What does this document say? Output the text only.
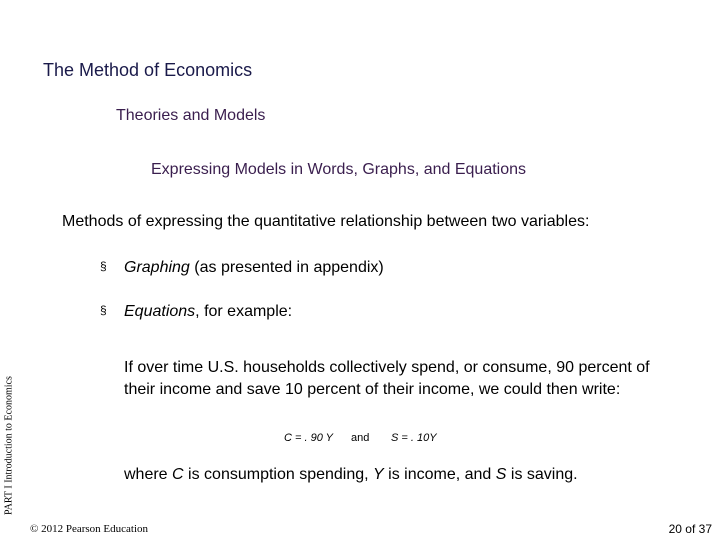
The Method of Economics
Theories and Models
Expressing Models in Words, Graphs, and Equations
Methods of expressing the quantitative relationship between two variables:
§ Graphing (as presented in appendix)
§ Equations, for example:
If over time U.S. households collectively spend, or consume, 90 percent of their income and save 10 percent of their income, we could then write:
C = . 90 Y and S = . 10Y
where C is consumption spending, Y is income, and S is saving.
PART I Introduction to Economics
© 2012 Pearson Education	20 of 37
